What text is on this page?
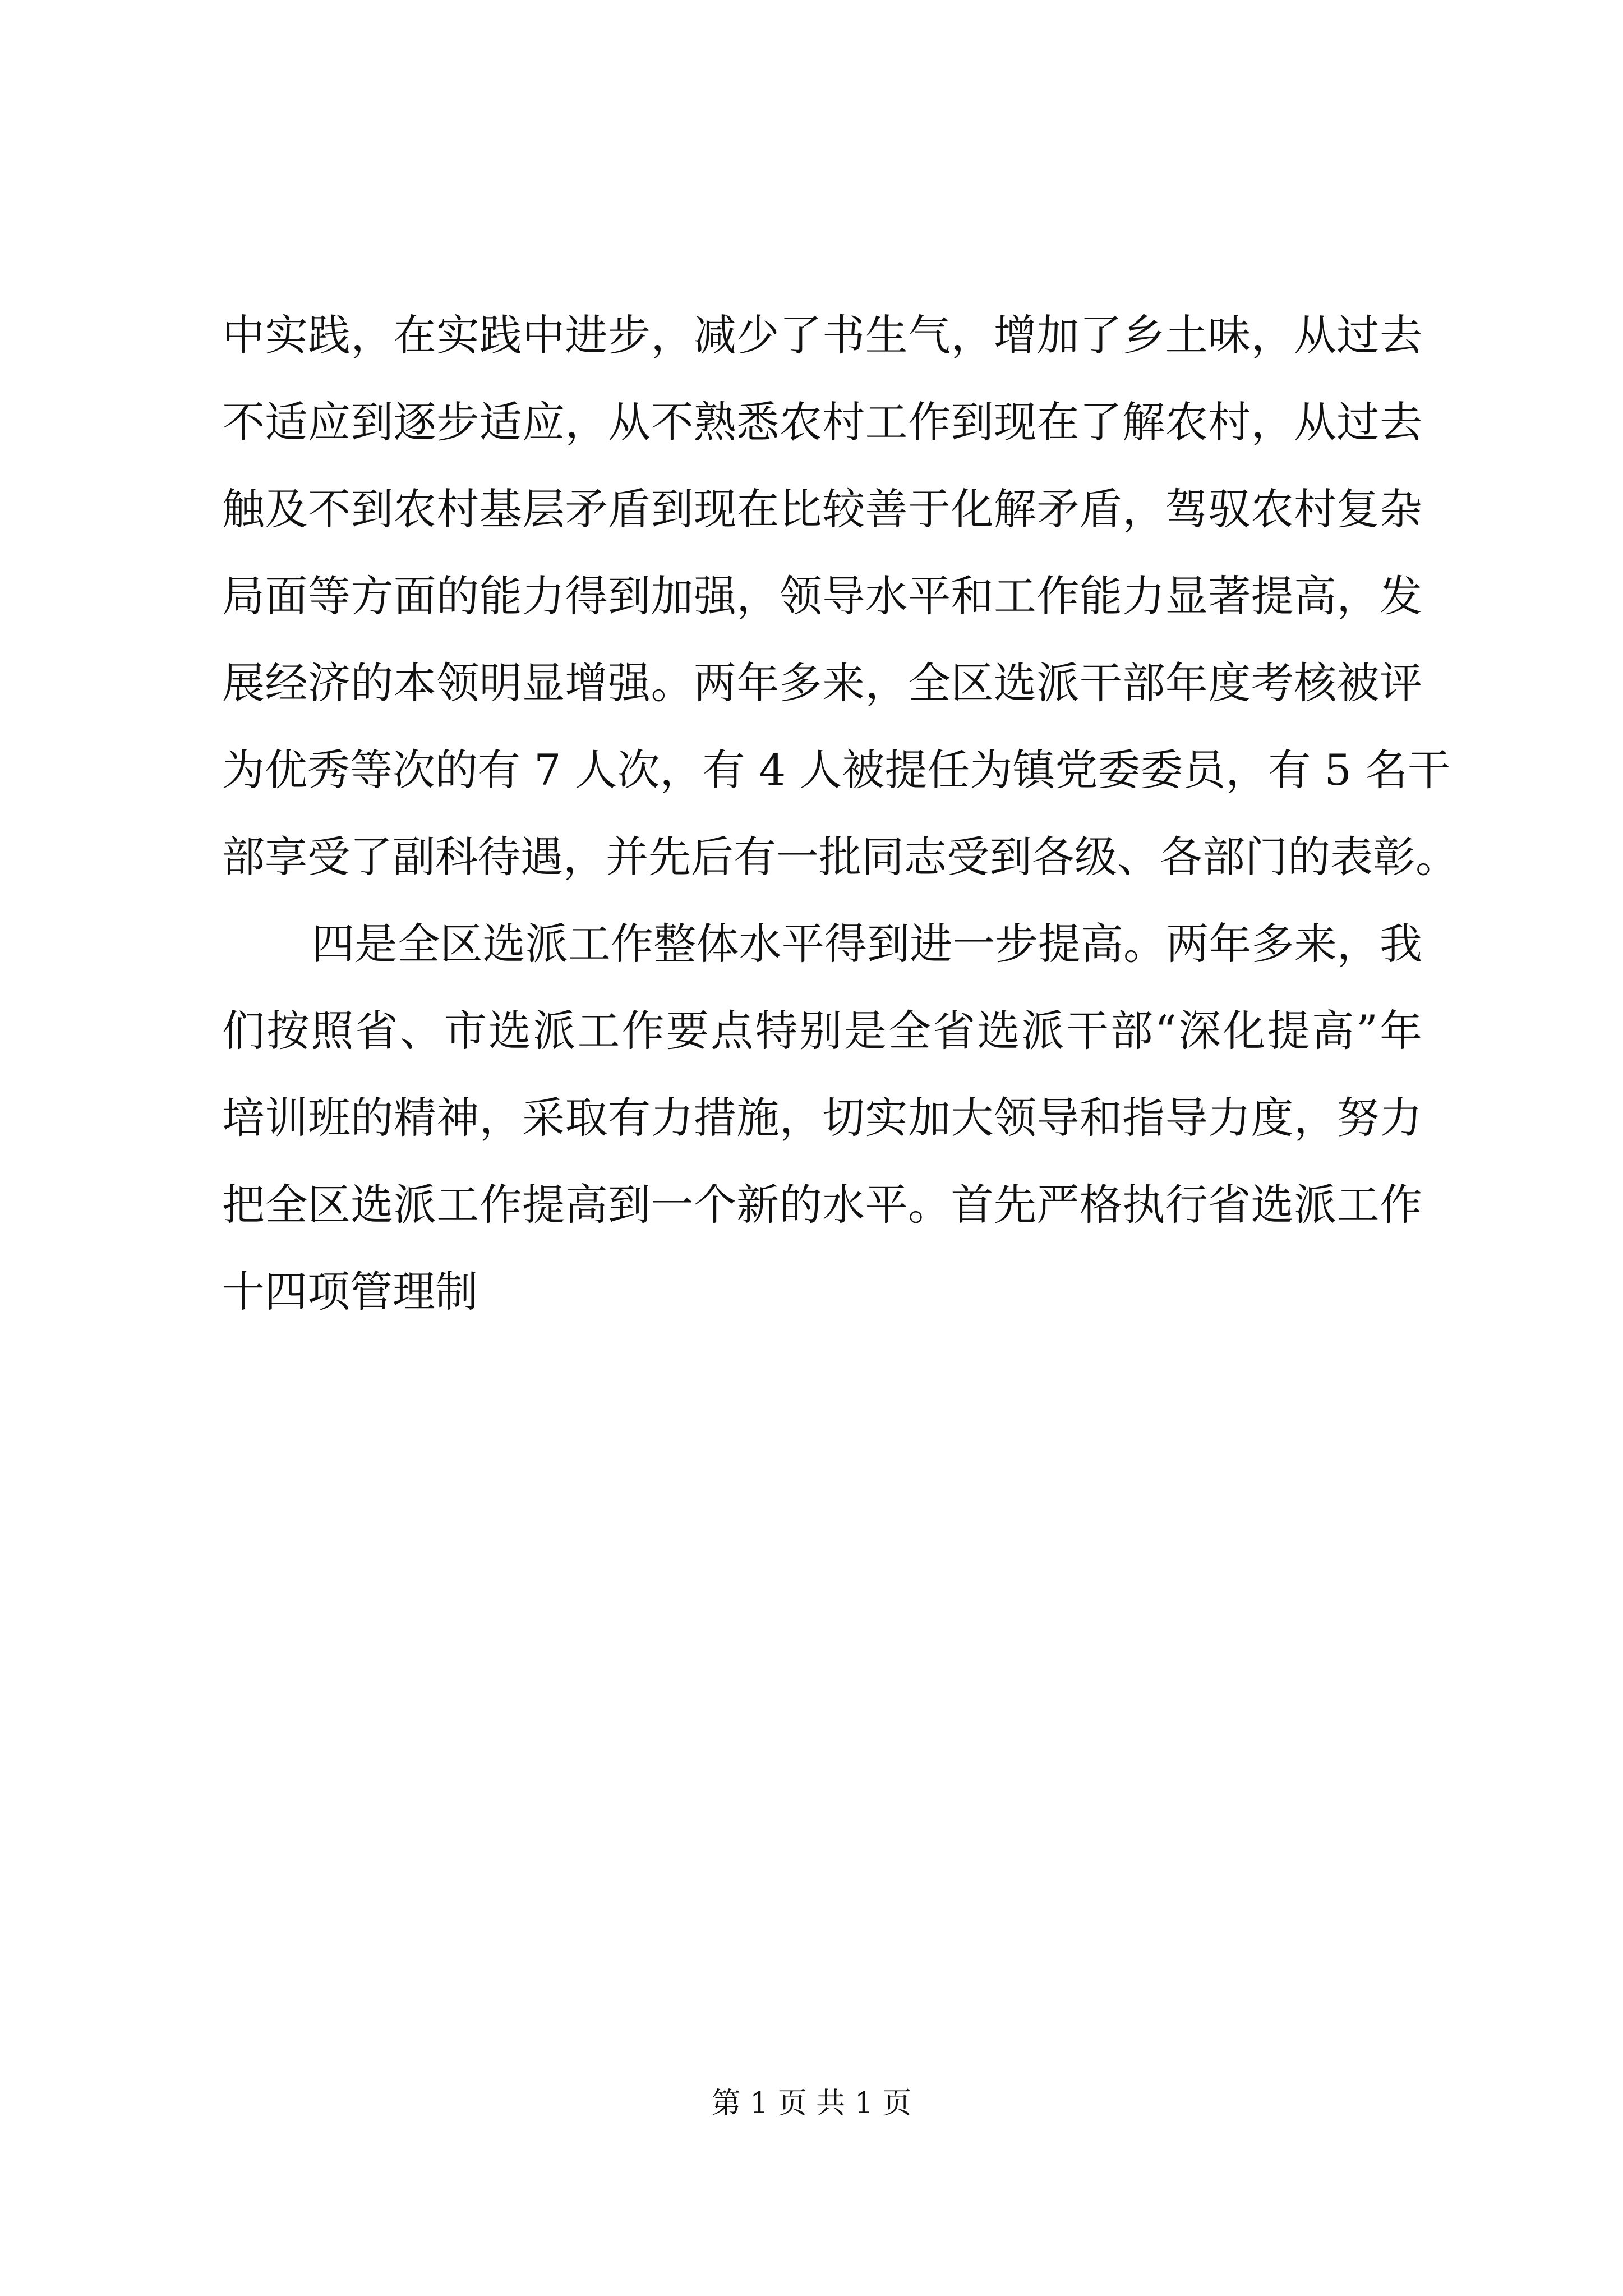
中实践，在实践中进步，减少了书生气，增加了乡土味，从过去
不适应到逐步适应，从不熟悉农村工作到现在了解农村，从过去
触及不到农村基层矛盾到现在比较善于化解矛盾，驾驭农村复杂
局面等方面的能力得到加强，领导水平和工作能力显著提高，发
展经济的本领明显增强。两年多来，全区选派干部年度考核被评
为优秀等次的有 7 人次，有 4 人被提任为镇党委委员，有 5 名干
部享受了副科待遇，并先后有一批同志受到各级、各部门的表彰。
四是全区选派工作整体水平得到进一步提高。两年多来，我
们按照省、市选派工作要点特别是全省选派干部“深化提高”年
培训班的精神，采取有力措施，切实加大领导和指导力度，努力
把全区选派工作提高到一个新的水平。首先严格执行省选派工作
十四项管理制
第 1 页 共 1 页
